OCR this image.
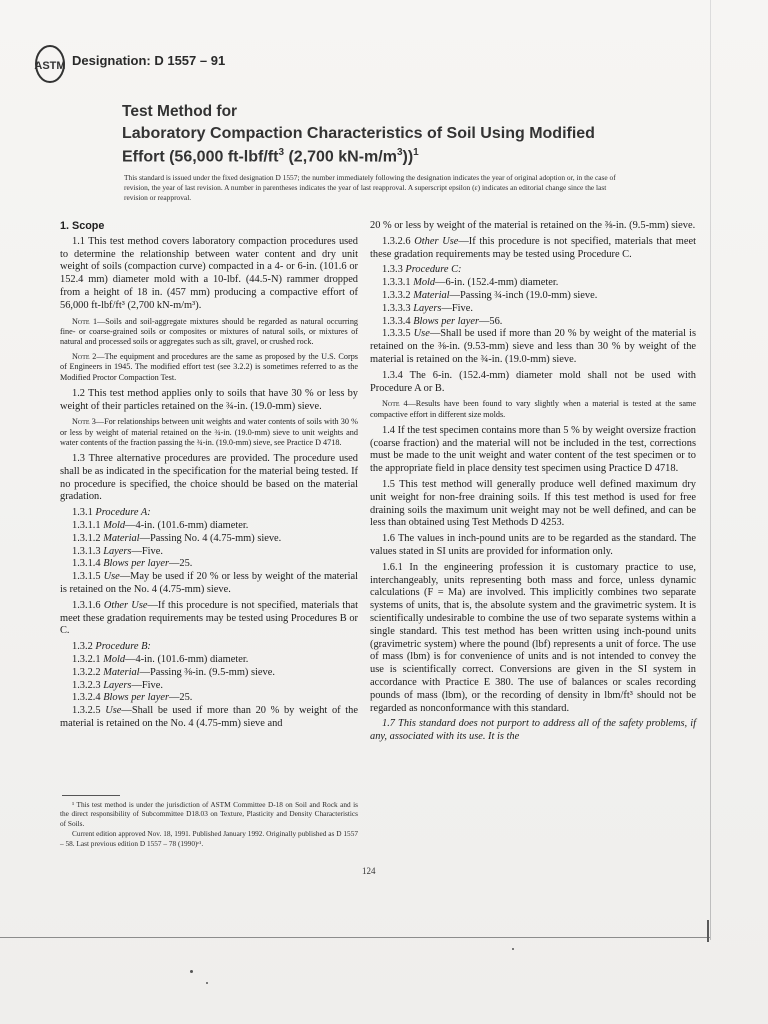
ASTM Designation: D 1557 – 91

Test Method for

Laboratory Compaction Characteristics of Soil Using Modified

Effort (56,000 $ft-lbf/ft^3$ (2,700 $kN-m/m^3))^1$

This standard is issued under the fixed designation D 1557; the number immediately following the designation indicates the year of original adoption or, in the case of revision, the year of last revision. A number in parentheses indicates the year of last reapproval. A superscript epsilon (ε) indicates an editorial change since the last revision or reapproval.
1. Scope

1.1 This test method covers laboratory compaction procedures used to determine the relationship between water content and dry unit weight of soils (compaction curve) compacted in a 4- or 6-in. (101.6 or 152.4 mm) diameter mold with a 10-lbf. (44.5-N) rammer dropped from a height of 18 in. (457 mm) producing a compactive effort of 56,000 ft-lbf/ft³ (2,700 kN-m/m³).

Note 1—Soils and soil-aggregate mixtures should be regarded as natural occurring fine- or coarse-grained soils or composites or mixtures of natural soils, or mixtures of natural and processed soils or aggregates such as silt, gravel, or crushed rock.

Note 2—The equipment and procedures are the same as proposed by the U.S. Corps of Engineers in 1945. The modified effort test (see 3.2.2) is sometimes referred to as the Modified Proctor Compaction Test.

1.2 This test method applies only to soils that have 30 % or less by weight of their particles retained on the ¾-in. (19.0-mm) sieve.

Note 3—For relationships between unit weights and water contents of soils with 30 % or less by weight of material retained on the ¾-in. (19.0-mm) sieve to unit weights and water contents of the fraction passing the ¾-in. (19.0-mm) sieve, see Practice D 4718.

1.3 Three alternative procedures are provided. The procedure used shall be as indicated in the specification for the material being tested. If no procedure is specified, the choice should be based on the material gradation.

1.3.1 Procedure A:

1.3.1.1 Mold—4-in. (101.6-mm) diameter.

1.3.1.2 Material—Passing No. 4 (4.75-mm) sieve.

1.3.1.3 Layers—Five.

1.3.1.4 Blows per layer—25.

1.3.1.5 Use—May be used if 20 % or less by weight of the material is retained on the No. 4 (4.75-mm) sieve.

1.3.1.6 Other Use—If this procedure is not specified, materials that meet these gradation requirements may be tested using Procedures B or C.

1.3.2 Procedure B:

1.3.2.1 Mold—4-in. (101.6-mm) diameter.

1.3.2.2 Material—Passing ⅜-in. (9.5-mm) sieve.

1.3.2.3 Layers—Five.

1.3.2.4 Blows per layer—25.

1.3.2.5 Use—Shall be used if more than 20 % by weight of the material is retained on the No. 4 (4.75-mm) sieve and

¹ This test method is under the jurisdiction of ASTM Committee D-18 on Soil and Rock and is the direct responsibility of Subcommittee D18.03 on Texture, Plasticity and Density Characteristics of Soils.

Current edition approved Nov. 18, 1991. Published January 1992. Originally published as D 1557 – 58. Last previous edition D 1557 – 78 (1990)ᵋ¹.

20 % or less by weight of the material is retained on the ⅜-in. (9.5-mm) sieve.

1.3.2.6 Other Use—If this procedure is not specified, materials that meet these gradation requirements may be tested using Procedure C.

1.3.3 Procedure C:

1.3.3.1 Mold—6-in. (152.4-mm) diameter.

1.3.3.2 Material—Passing ¾-inch (19.0-mm) sieve.

1.3.3.3 Layers—Five.

1.3.3.4 Blows per layer—56.

1.3.3.5 Use—Shall be used if more than 20 % by weight of the material is retained on the ⅜-in. (9.53-mm) sieve and less than 30 % by weight of the material is retained on the ¾-in. (19.0-mm) sieve.

1.3.4 The 6-in. (152.4-mm) diameter mold shall not be used with Procedure A or B.

Note 4—Results have been found to vary slightly when a material is tested at the same compactive effort in different size molds.

1.4 If the test specimen contains more than 5 % by weight oversize fraction (coarse fraction) and the material will not be included in the test, corrections must be made to the unit weight and water content of the test specimen or to the appropriate field in place density test specimen using Practice D 4718.

1.5 This test method will generally produce well defined maximum dry unit weight for non-free draining soils. If this test method is used for free draining soils the maximum unit weight may not be well defined, and can be less than obtained using Test Methods D 4253.

1.6 The values in inch-pound units are to be regarded as the standard. The values stated in SI units are provided for information only.

1.6.1 In the engineering profession it is customary practice to use, interchangeably, units representing both mass and force, unless dynamic calculations (F = Ma) are involved. This implicitly combines two separate systems of units, that is, the absolute system and the gravimetric system. It is scientifically undesirable to combine the use of two separate systems within a single standard. This test method has been written using inch-pound units (gravimetric system) where the pound (lbf) represents a unit of force. The use of mass (lbm) is for convenience of units and is not intended to convey the use is scientifically correct. Conversions are given in the SI system in accordance with Practice E 380. The use of balances or scales recording pounds of mass (lbm), or the recording of density in lbm/ft³ should not be regarded as nonconformance with this standard.

1.7 This standard does not purport to address all of the safety problems, if any, associated with its use. It is the

124
